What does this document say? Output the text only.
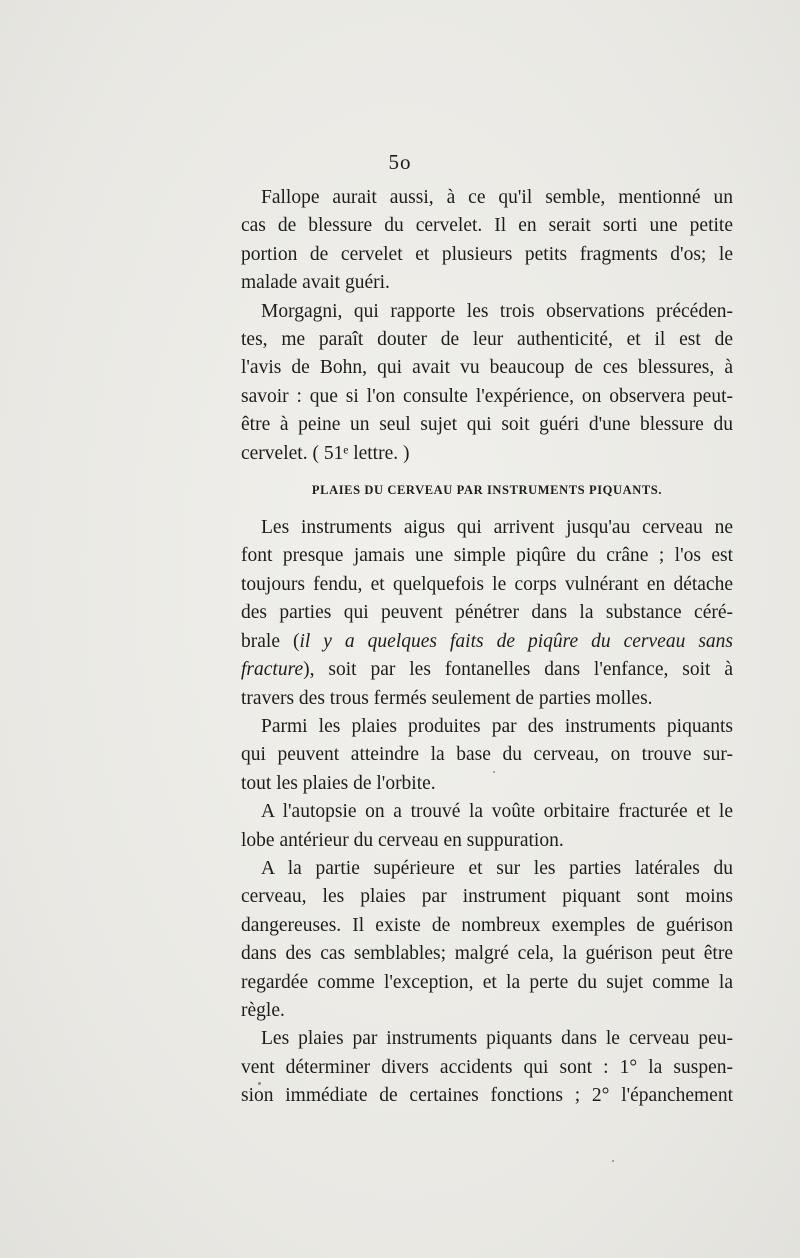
5o

Fallope aurait aussi, à ce qu'il semble, mentionné un

cas de blessure du cervelet. Il en serait sorti une petite

portion de cervelet et plusieurs petits fragments d'os; le

malade avait guéri.

Morgagni, qui rapporte les trois observations précéden-

tes, me paraît douter de leur authenticité, et il est de

l'avis de Bohn, qui avait vu beaucoup de ces blessures, à

savoir : que si l'on consulte l'expérience, on observera peut-

être à peine un seul sujet qui soit guéri d'une blessure du

cervelet. ( 51ᵉ lettre. )

PLAIES DU CERVEAU PAR INSTRUMENTS PIQUANTS.

Les instruments aigus qui arrivent jusqu'au cerveau ne

font presque jamais une simple piqûre du crâne ; l'os est

toujours fendu, et quelquefois le corps vulnérant en détache

des parties qui peuvent pénétrer dans la substance céré-

brale (il y a quelques faits de piqûre du cerveau sans

fracture), soit par les fontanelles dans l'enfance, soit à

travers des trous fermés seulement de parties molles.

Parmi les plaies produites par des instruments piquants

qui peuvent atteindre la base du cerveau, on trouve sur-

tout les plaies de l'orbite.

A l'autopsie on a trouvé la voûte orbitaire fracturée et le

lobe antérieur du cerveau en suppuration.

A la partie supérieure et sur les parties latérales du

cerveau, les plaies par instrument piquant sont moins

dangereuses. Il existe de nombreux exemples de guérison

dans des cas semblables; malgré cela, la guérison peut être

regardée comme l'exception, et la perte du sujet comme la

règle.

Les plaies par instruments piquants dans le cerveau peu-

vent déterminer divers accidents qui sont : 1° la suspen-

sion immédiate de certaines fonctions ; 2° l'épanchement
